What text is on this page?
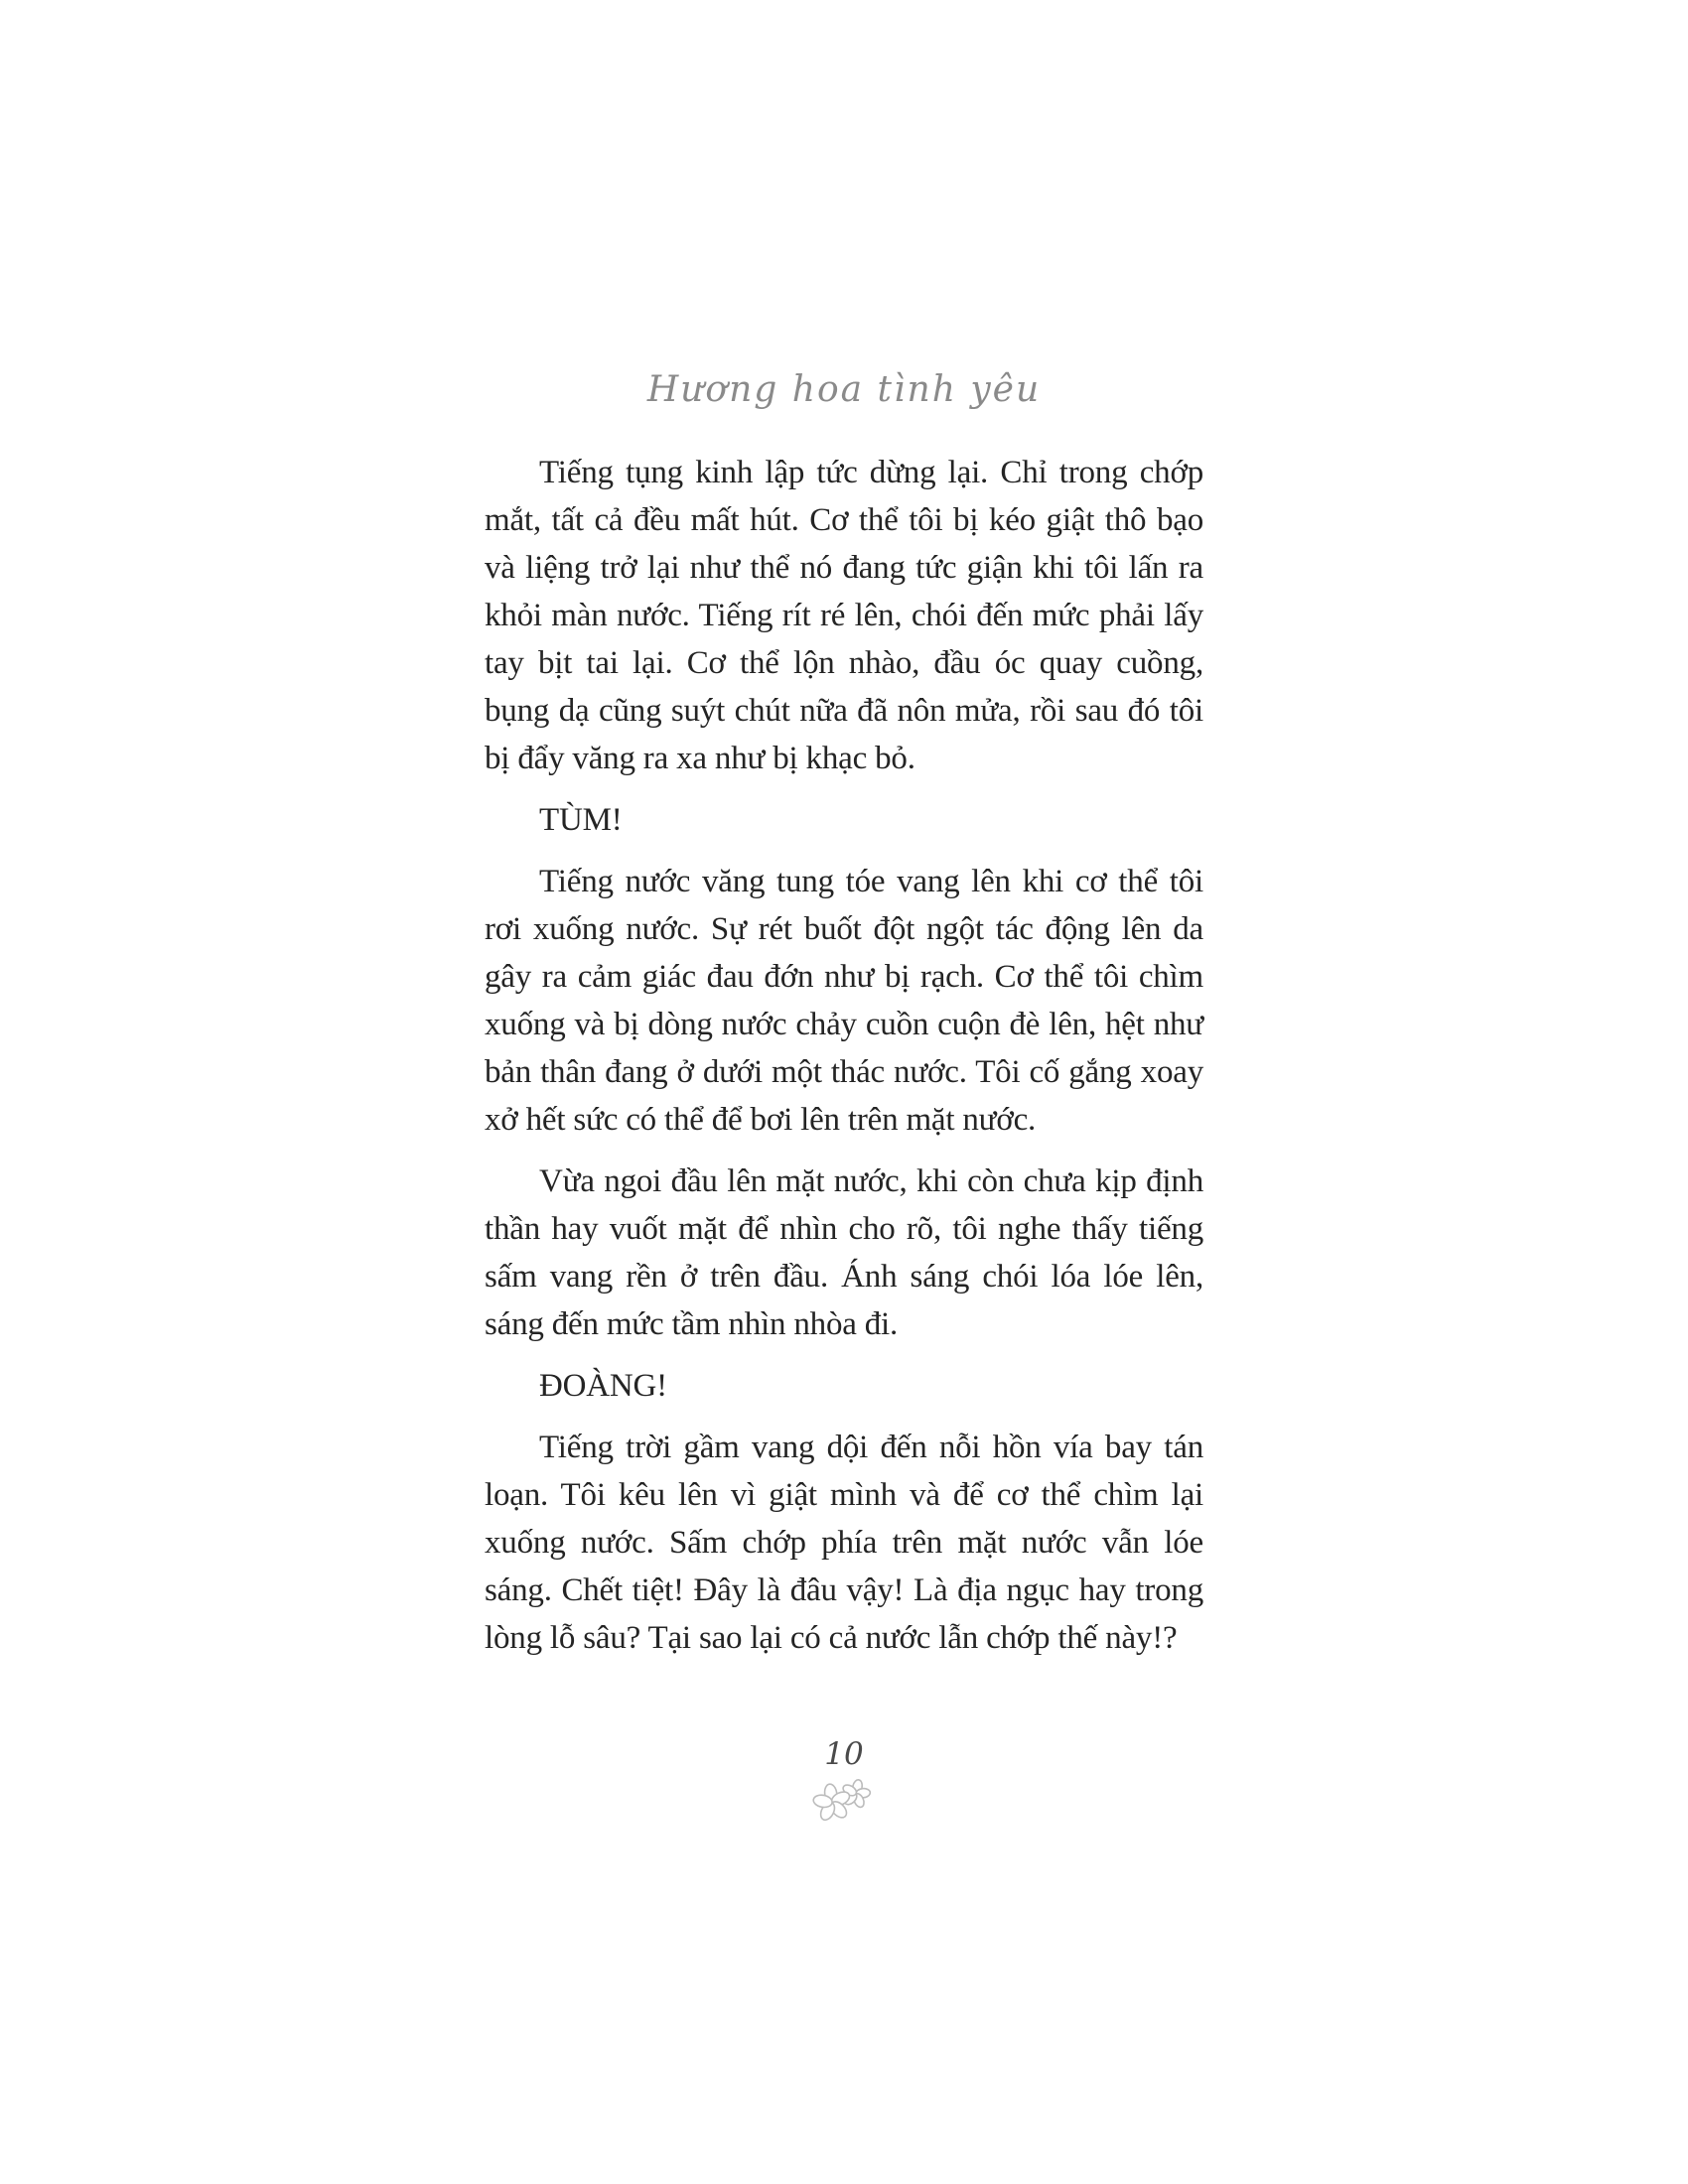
Hương hoa tình yêu

Tiếng tụng kinh lập tức dừng lại. Chỉ trong chớp mắt, tất cả đều mất hút. Cơ thể tôi bị kéo giật thô bạo và liệng trở lại như thể nó đang tức giận khi tôi lấn ra khỏi màn nước. Tiếng rít ré lên, chói đến mức phải lấy tay bịt tai lại. Cơ thể lộn nhào, đầu óc quay cuồng, bụng dạ cũng suýt chút nữa đã nôn mửa, rồi sau đó tôi bị đẩy văng ra xa như bị khạc bỏ.

TÙM!

Tiếng nước văng tung tóe vang lên khi cơ thể tôi rơi xuống nước. Sự rét buốt đột ngột tác động lên da gây ra cảm giác đau đớn như bị rạch. Cơ thể tôi chìm xuống và bị dòng nước chảy cuồn cuộn đè lên, hệt như bản thân đang ở dưới một thác nước. Tôi cố gắng xoay xở hết sức có thể để bơi lên trên mặt nước.

Vừa ngoi đầu lên mặt nước, khi còn chưa kịp định thần hay vuốt mặt để nhìn cho rõ, tôi nghe thấy tiếng sấm vang rền ở trên đầu. Ánh sáng chói lóa lóe lên, sáng đến mức tầm nhìn nhòa đi.

ĐOÀNG!

Tiếng trời gầm vang dội đến nỗi hồn vía bay tán loạn. Tôi kêu lên vì giật mình và để cơ thể chìm lại xuống nước. Sấm chớp phía trên mặt nước vẫn lóe sáng. Chết tiệt! Đây là đâu vậy! Là địa ngục hay trong lòng lỗ sâu? Tại sao lại có cả nước lẫn chớp thế này!?

10
